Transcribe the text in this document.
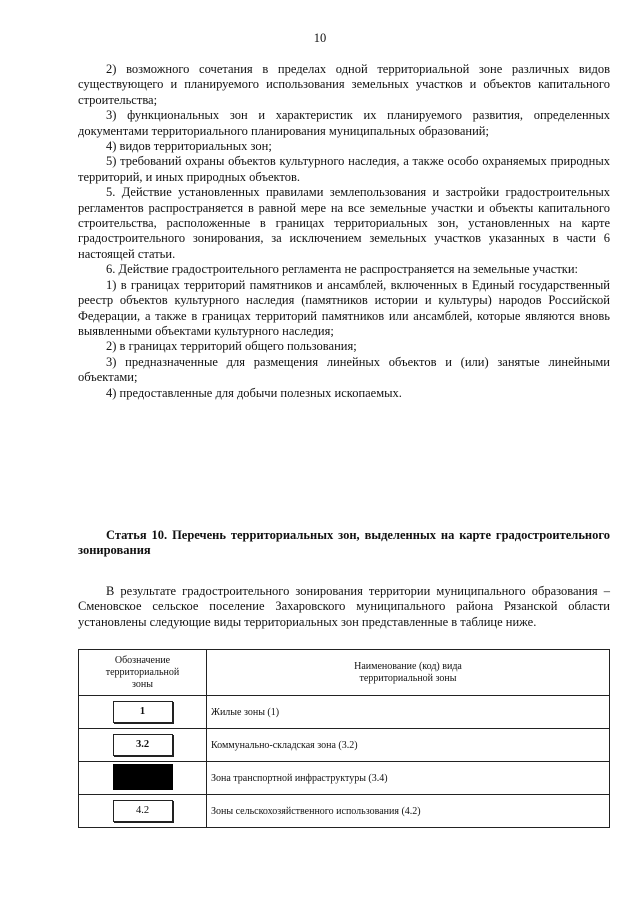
10

2) возможного сочетания в пределах одной территориальной зоне различных видов существующего и планируемого использования земельных участков и объектов капитального строительства;

3) функциональных зон и характеристик их планируемого развития, определенных документами территориального планирования муниципальных образований;

4) видов территориальных зон;

5) требований охраны объектов культурного наследия, а также особо охраняемых природных территорий, и иных природных объектов.

5. Действие установленных правилами землепользования и застройки градостроительных регламентов распространяется в равной мере на все земельные участки и объекты капитального строительства, расположенные в границах территориальных зон, установленных на карте градостроительного зонирования, за исключением земельных участков указанных в части 6 настоящей статьи.

6. Действие градостроительного регламента не распространяется на земельные участки:

1) в границах территорий памятников и ансамблей, включенных в Единый государственный реестр объектов культурного наследия (памятников истории и культуры) народов Российской Федерации, а также в границах территорий памятников или ансамблей, которые являются вновь выявленными объектами культурного наследия;

2) в границах территорий общего пользования;

3) предназначенные для размещения линейных объектов и (или) занятые линейными объектами;

4) предоставленные для добычи полезных ископаемых.

Статья 10. Перечень территориальных зон, выделенных на карте градостроительного зонирования

В результате градостроительного зонирования территории муниципального образования – Сменовское сельское поселение Захаровского муниципального района Рязанской области установлены следующие виды территориальных зон представленные в таблице ниже.

Обозначение территориальной зоны	Наименование (код) вида территориальной зоны

1	Жилые зоны (1)
3.2	Коммунально-складская зона (3.2)
	Зона транспортной инфраструктуры (3.4)
4.2	Зоны сельскохозяйственного использования (4.2)
